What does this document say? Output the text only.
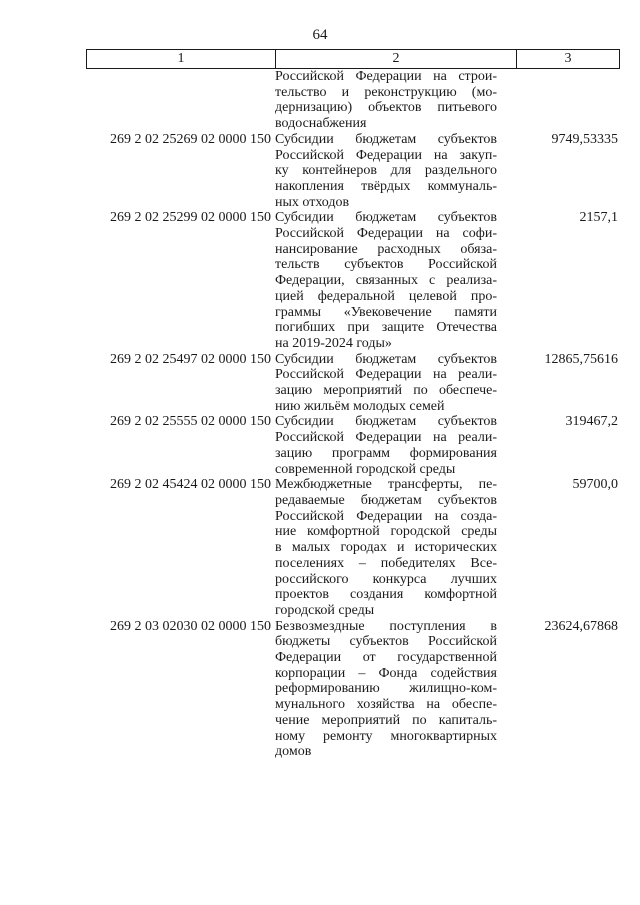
64
1	2	3
Российской Федерации на строи-
тельство и реконструкцию (мо-
дернизацию) объектов питьевого
водоснабжения
269 2 02 25269 02 0000 150 Субсидии бюджетам субъектов
Российской Федерации на закуп-
ку контейнеров для раздельного
накопления твёрдых коммуналь-
ных отходов
9749,53335
269 2 02 25299 02 0000 150 Субсидии бюджетам субъектов
Российской Федерации на софи-
нансирование расходных обяза-
тельств субъектов Российской
Федерации, связанных с реализа-
цией федеральной целевой про-
граммы «Увековечение памяти
погибших при защите Отечества
на 2019-2024 годы»
2157,1
269 2 02 25497 02 0000 150 Субсидии бюджетам субъектов
Российской Федерации на реали-
зацию мероприятий по обеспече-
нию жильём молодых семей
12865,75616
269 2 02 25555 02 0000 150 Субсидии бюджетам субъектов
Российской Федерации на реали-
зацию программ формирования
современной городской среды
319467,2
269 2 02 45424 02 0000 150 Межбюджетные трансферты, пе-
редаваемые бюджетам субъектов
Российской Федерации на созда-
ние комфортной городской среды
в малых городах и исторических
поселениях – победителях Все-
российского конкурса лучших
проектов создания комфортной
городской среды
59700,0
269 2 03 02030 02 0000 150 Безвозмездные поступления в
бюджеты субъектов Российской
Федерации от государственной
корпорации – Фонда содействия
реформированию жилищно-ком-
мунального хозяйства на обеспе-
чение мероприятий по капиталь-
ному ремонту многоквартирных
домов
23624,67868
